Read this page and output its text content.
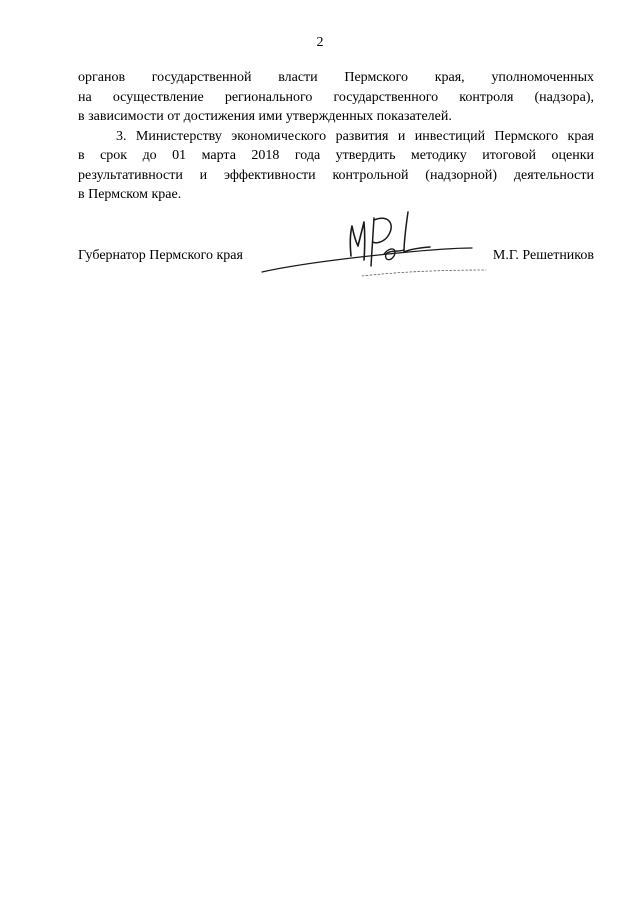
2

органов государственной власти Пермского края, уполномоченных
на осуществление регионального государственного контроля (надзора),
в зависимости от достижения ими утвержденных показателей.

3. Министерству экономического развития и инвестиций Пермского края
в срок до 01 марта 2018 года утвердить методику итоговой оценки
результативности и эффективности контрольной (надзорной) деятельности
в Пермском крае.

Губернатор Пермского края	М.Г. Решетников
